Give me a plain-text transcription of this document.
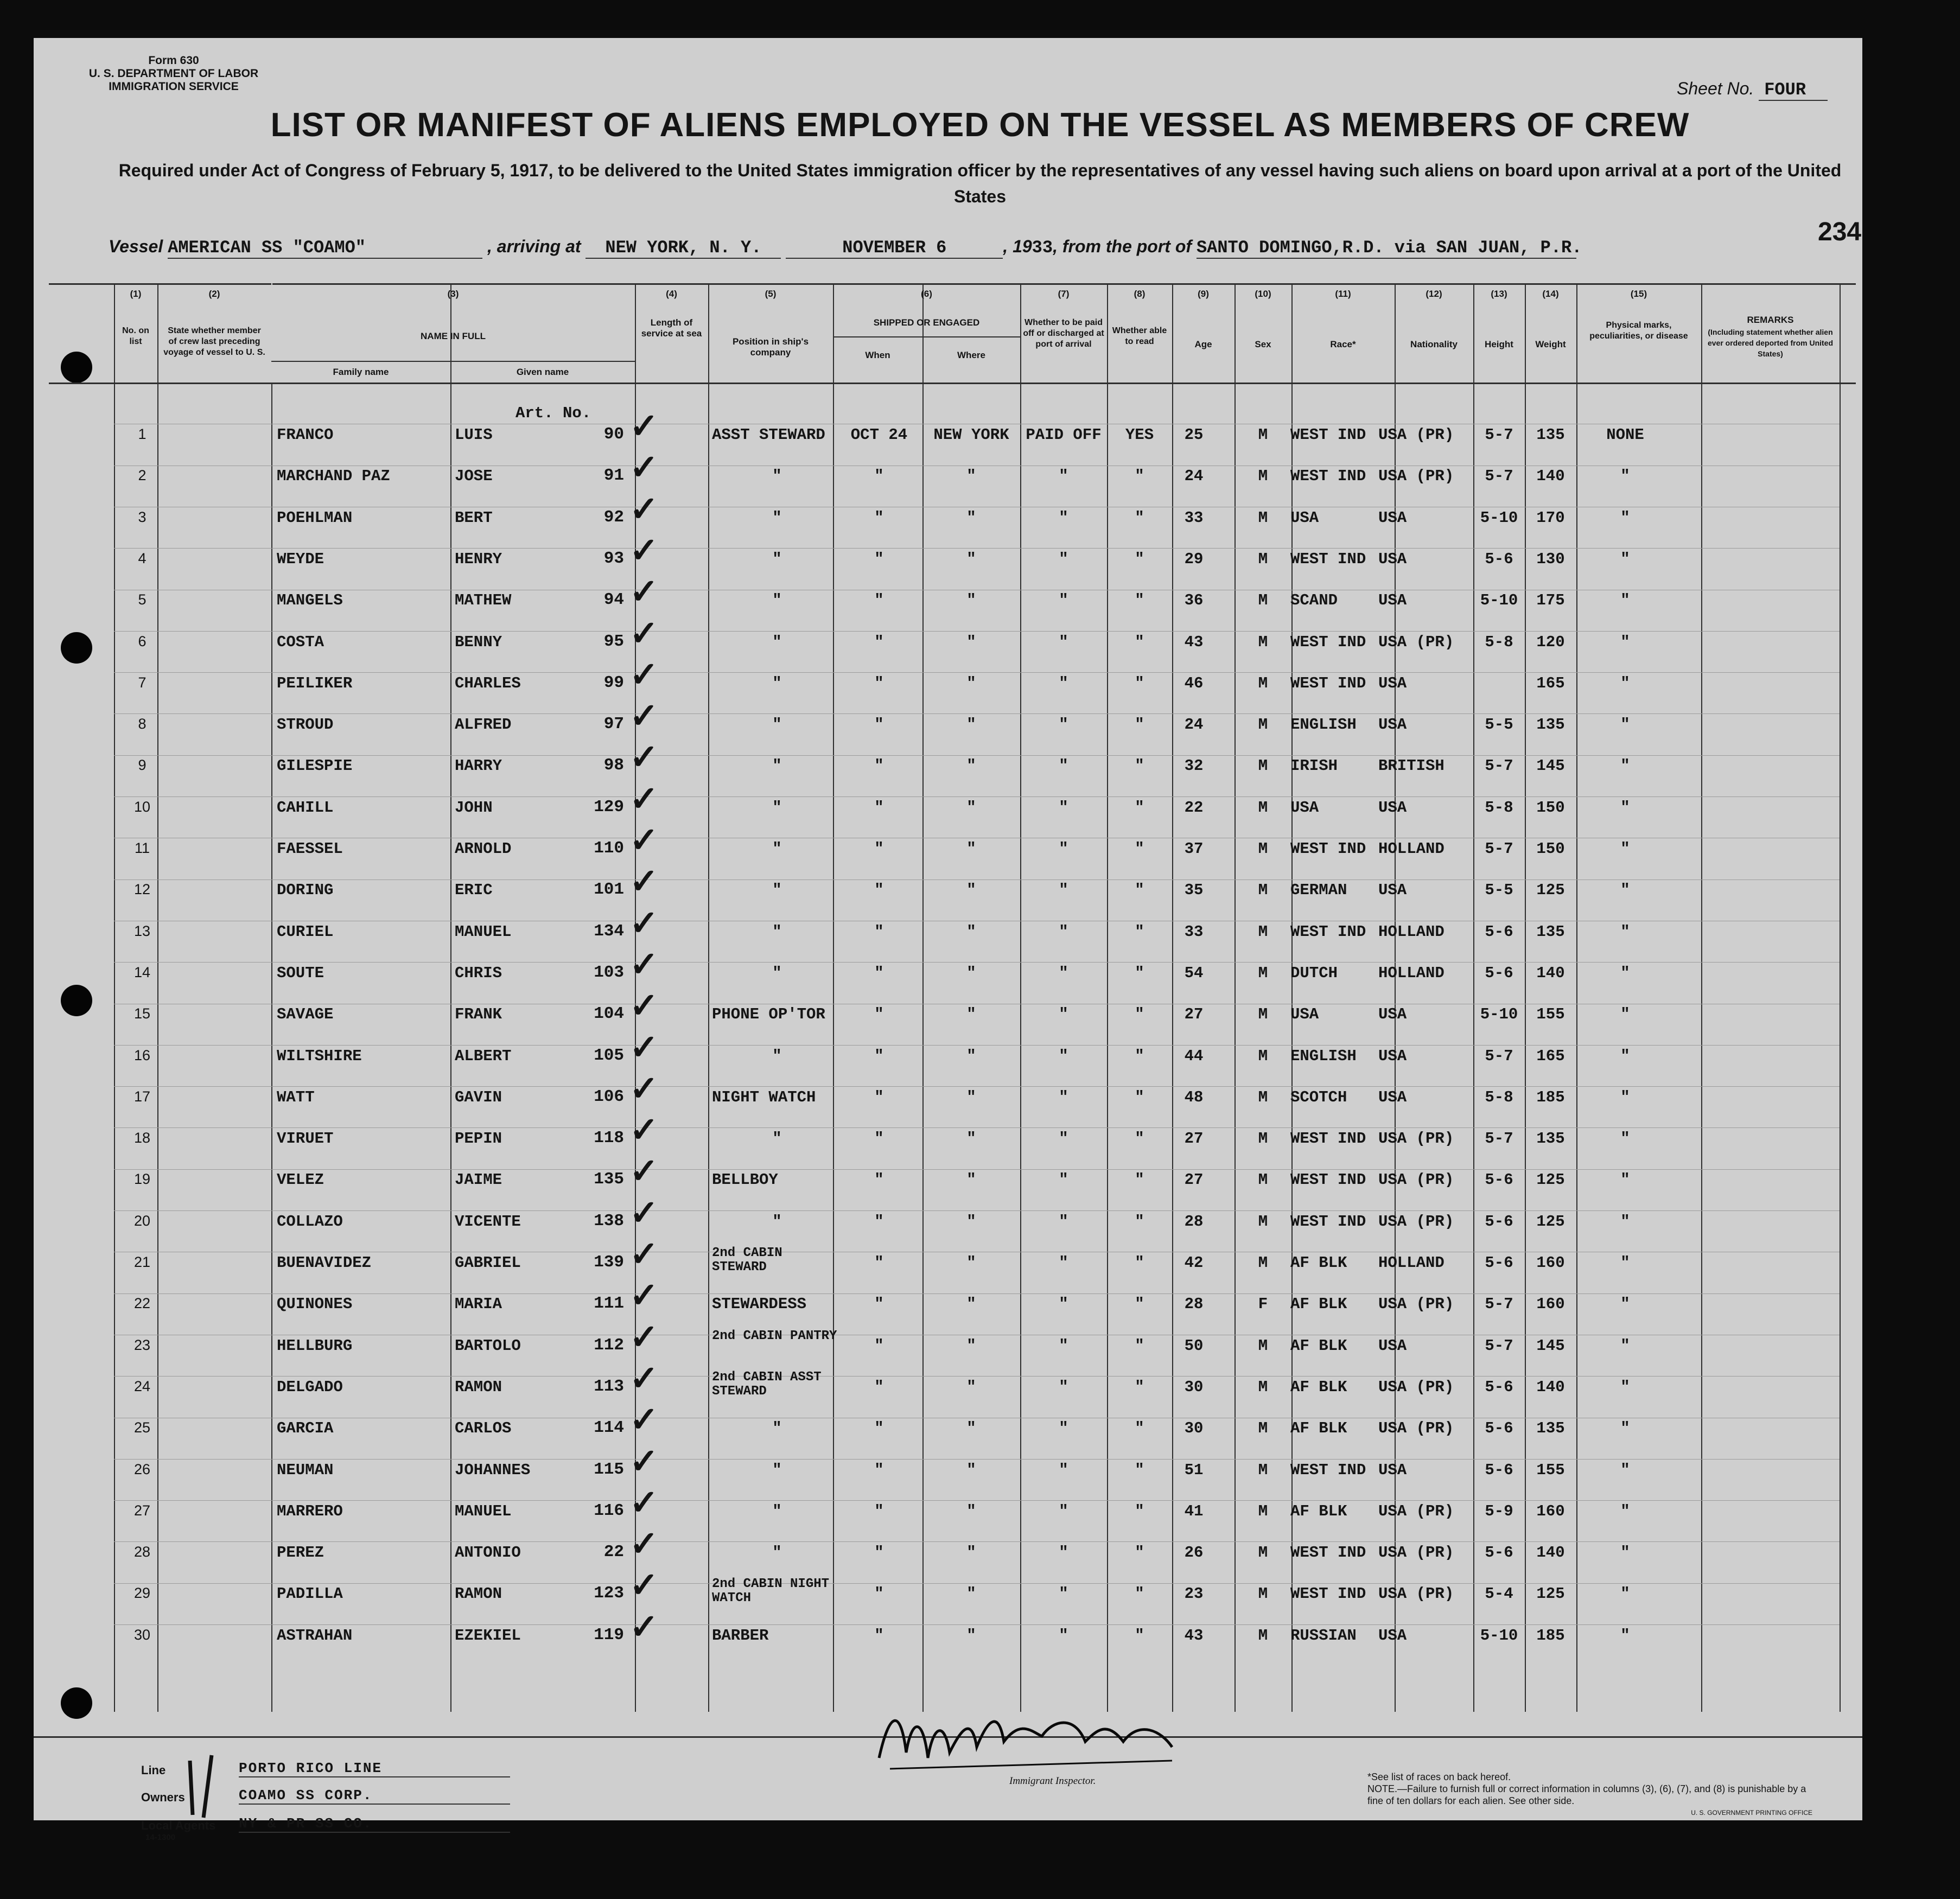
Form 630
U. S. DEPARTMENT OF LABOR
IMMIGRATION SERVICE	Sheet No. FOUR
LIST OR MANIFEST OF ALIENS EMPLOYED ON THE VESSEL AS MEMBERS OF CREW
Required under Act of Congress of February 5, 1917, to be delivered to the United States immigration officer by the representatives of any vessel having such aliens on board upon arrival at a port of the United States
234
Vessel AMERICAN SS "COAMO"	, arriving at NEW YORK, N. Y.	NOVEMBER 6	, 1933, from the port of SANTO DOMINGO,R.D. via SAN JUAN, P.R.
(1)
No. on list
(2)
State whether member of crew last preceding voyage of vessel to U. S.
(3)
NAME IN FULL
Family name	Given name
(4)
Length of service at sea
(5)
Position in ship's company
(6)
SHIPPED OR ENGAGED
When	Where
(7)
Whether to be paid off or discharged at port of arrival
(8)
Whether able to read
(9)
Age
(10)
Sex
(11)
Race*
(12)
Nationality
(13)
Height
(14)
Weight
(15)
Physical marks, peculiarities, or disease
REMARKS
(Including statement whether alien ever ordered deported from United States)
Art. No.
1	FRANCO	LUIS	90 ✓	ASST STEWARD	OCT 24	NEW YORK	PAID OFF	YES	25	M	WEST IND USA (PR)	5-7	135	NONE
2	MARCHAND PAZ	JOSE	91 ✓	"	"	"	"	"	24	M	WEST IND USA (PR)	5-7	140	"
3	POEHLMAN	BERT	92 ✓	"	"	"	"	"	33	M	USA	USA	5-10	170	"
4	WEYDE	HENRY	93 ✓	"	"	"	"	"	29	M	WEST IND USA	5-6	130	"
5	MANGELS	MATHEW	94 ✓	"	"	"	"	"	36	M	SCAND	USA	5-10	175	"
6	COSTA	BENNY	95 ✓	"	"	"	"	"	43	M	WEST IND USA (PR)	5-8	120	"
7	PEILIKER	CHARLES	99 ✓	"	"	"	"	"	46	M	WEST IND USA	165	"
8	STROUD	ALFRED	97 ✓	"	"	"	"	"	24	M	ENGLISH	USA	5-5	135	"
9	GILESPIE	HARRY	98 ✓	"	"	"	"	"	32	M	IRISH	BRITISH	5-7	145	"
10	CAHILL	JOHN	129 ✓	"	"	"	"	"	22	M	USA	USA	5-8	150	"
11	FAESSEL	ARNOLD	110 ✓	"	"	"	"	"	37	M	WEST IND HOLLAND	5-7	150	"
12	DORING	ERIC	101 ✓	"	"	"	"	"	35	M	GERMAN	USA	5-5	125	"
13	CURIEL	MANUEL	134 ✓	"	"	"	"	"	33	M	WEST IND HOLLAND	5-6	135	"
14	SOUTE	CHRIS	103 ✓	"	"	"	"	"	54	M	DUTCH	HOLLAND	5-6	140	"
15	SAVAGE	FRANK	104 ✓	PHONE OP'TOR	"	"	"	"	27	M	USA	USA	5-10	155	"
16	WILTSHIRE	ALBERT	105 ✓	"	"	"	"	"	44	M	ENGLISH	USA	5-7	165	"
17	WATT	GAVIN	106 ✓	NIGHT WATCH	"	"	"	"	48	M	SCOTCH	USA	5-8	185	"
18	VIRUET	PEPIN	118 ✓	"	"	"	"	"	27	M	WEST IND USA (PR)	5-7	135	"
19	VELEZ	JAIME	135 ✓	BELLBOY	"	"	"	"	27	M	WEST IND USA (PR)	5-6	125	"
20	COLLAZO	VICENTE	138 ✓	"	"	"	"	"	28	M	WEST IND USA (PR)	5-6	125	"
21	BUENAVIDEZ	GABRIEL	139 ✓	2nd CABIN STEWARD	"	"	"	"	42	M	AF BLK	HOLLAND	5-6	160	"
22	QUINONES	MARIA	111 ✓	STEWARDESS	"	"	"	"	28	F	AF BLK	USA (PR)	5-7	160	"
23	HELLBURG	BARTOLO	112 ✓	2nd CABIN PANTRY
"	"	"	"	50	M	AF BLK	USA	5-7	145	"
24	DELGADO	RAMON	113 ✓	2nd CABIN ASST STEWARD	"	"	"	"	30	M	AF BLK	USA (PR)	5-6	140	"
25	GARCIA	CARLOS	114 ✓	"	"	"	"	"	30	M	AF BLK	USA (PR)	5-6	135	"
26	NEUMAN	JOHANNES	115 ✓	"	"	"	"	"	51	M	WEST IND USA	5-6	155	"
27	MARRERO	MANUEL	116 ✓	"	"	"	"	"	41	M	AF BLK	USA (PR)	5-9	160	"
28	PEREZ	ANTONIO	22 ✓	"	"	"	"	"	26	M	WEST IND USA (PR)	5-6	140	"
29	PADILLA	RAMON	123 ✓	2nd CABIN NIGHT WATCH	"	"	"	"	23	M	WEST IND USA (PR)	5-4	125	"
30	ASTRAHAN	EZEKIEL	119 ✓	BARBER	"	"	"	"	43	M	RUSSIAN	USA	5-10	185	"
Line	PORTO RICO LINE
Owners	COAMO SS CORP.
Local Agents
14-1300
NY & PR SS CO.
Immigrant Inspector.	*See list of races on back hereof.
NOTE.—Failure to furnish full or correct information in columns (3), (6), (7), and (8) is punishable by a fine of ten dollars for each alien. See other side.
U. S. GOVERNMENT PRINTING OFFICE
